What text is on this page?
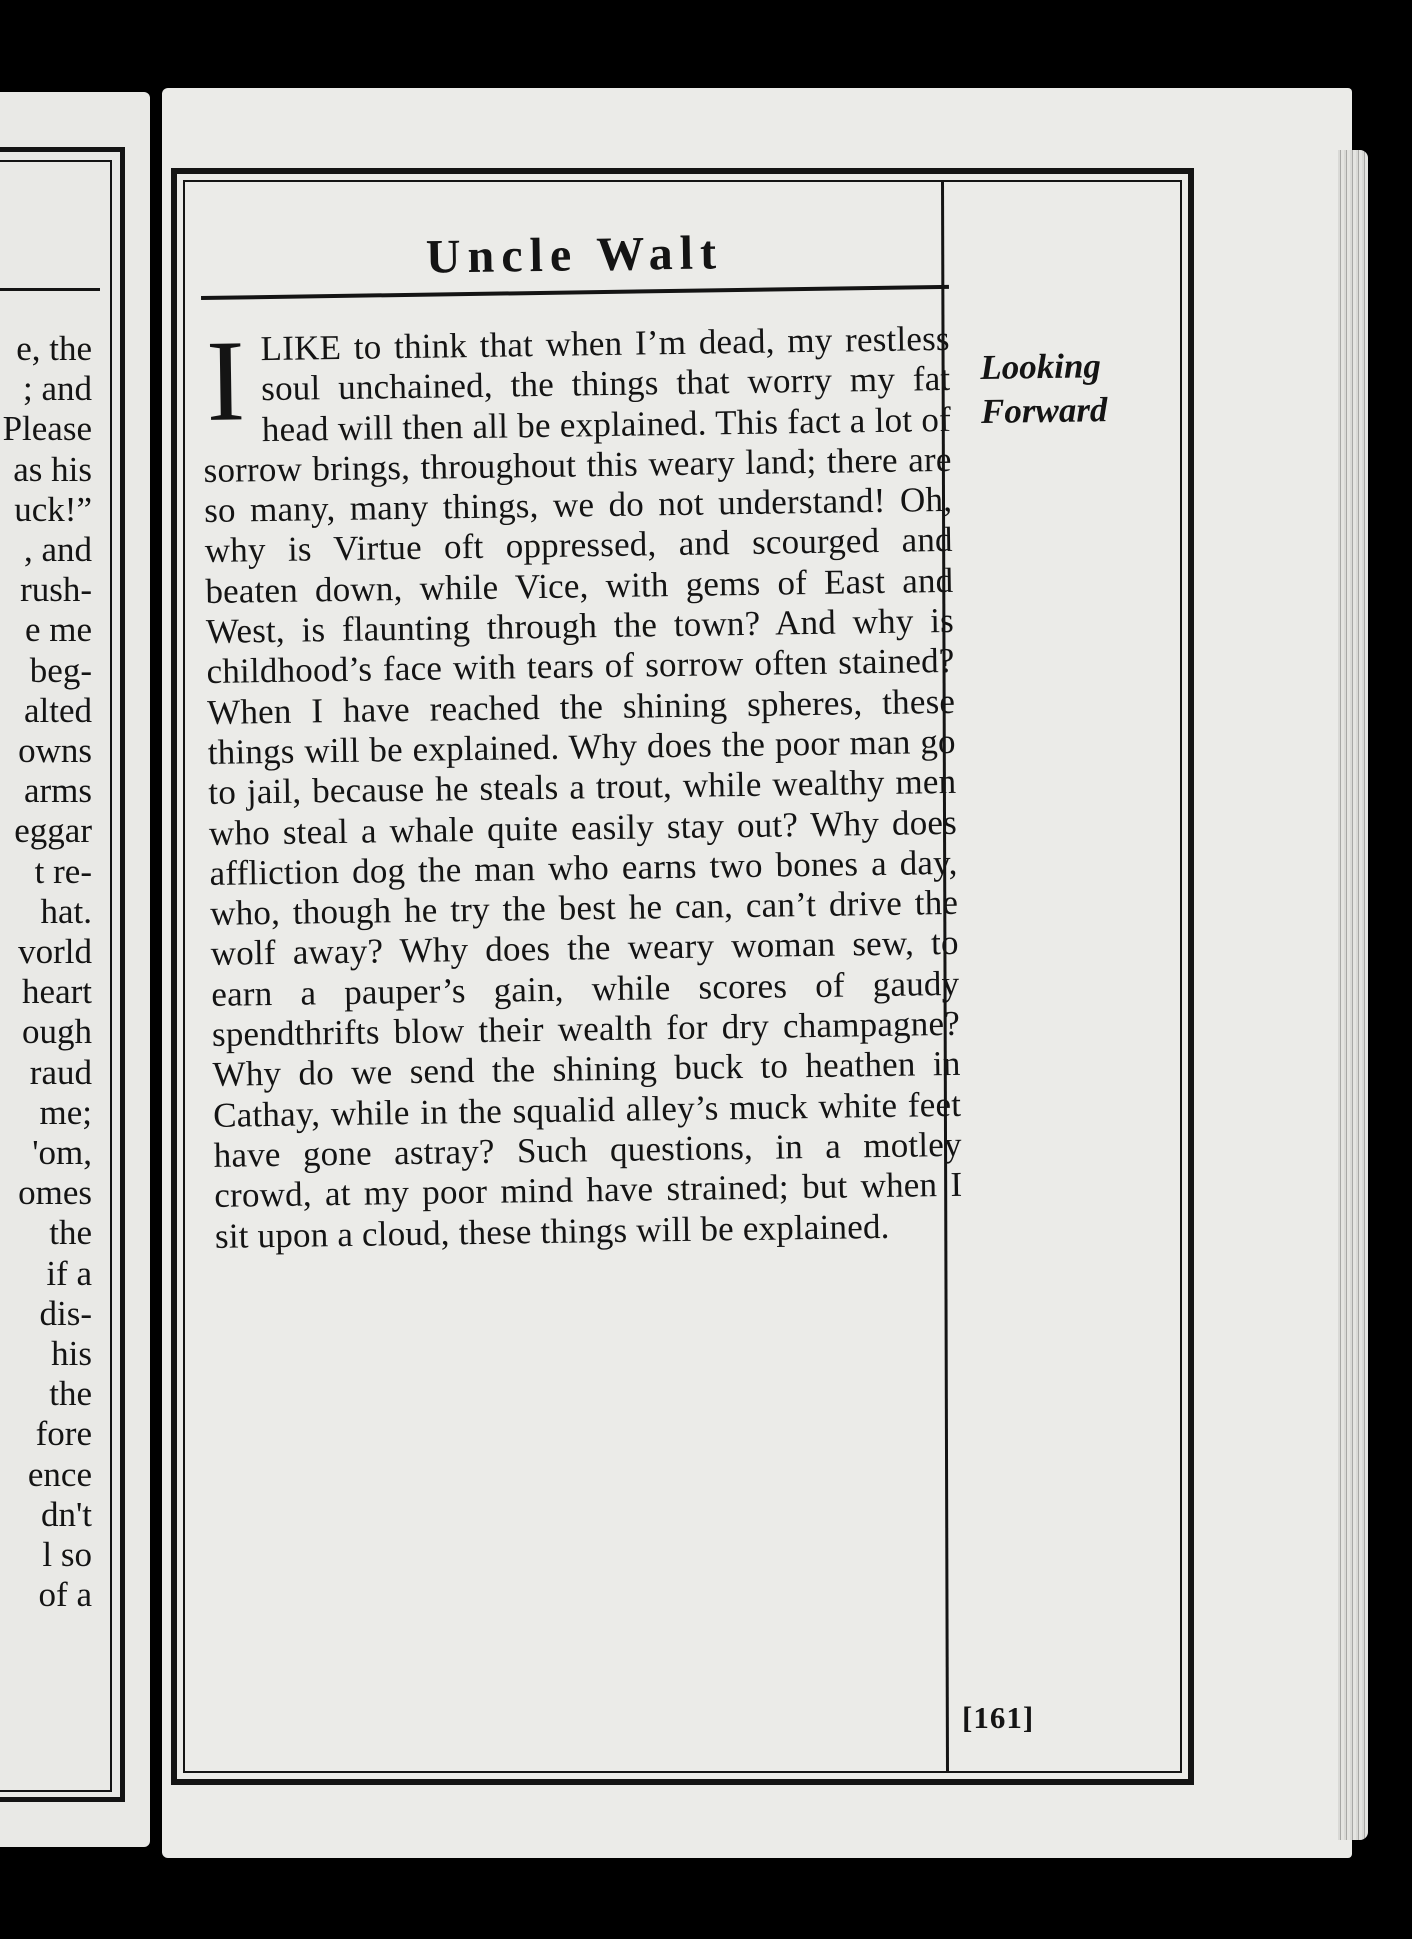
e, the
; and
Please
as his
uck!”
, and
rush-
e me
beg-
alted
owns
arms
eggar
t re-
hat.
vorld
heart
ough
raud
me;
'om,
omes
the
if a
dis-
his
the
fore
ence
dn't
l so
of a
Uncle Walt
I LIKE to think that when I’m dead, my restless soul unchained, the things that worry my fat head will then all be explained. This fact a lot of sorrow brings, throughout this weary land; there are so many, many things, we do not understand! Oh, why is Virtue oft oppressed, and scourged and beaten down, while Vice, with gems of East and West, is flaunting through the town? And why is childhood’s face with tears of sorrow often stained? When I have reached the shining spheres, these things will be explained. Why does the poor man go to jail, because he steals a trout, while wealthy men who steal a whale quite easily stay out? Why does affliction dog the man who earns two bones a day, who, though he try the best he can, can’t drive the wolf away? Why does the weary woman sew, to earn a pauper’s gain, while scores of gaudy spendthrifts blow their wealth for dry champagne? Why do we send the shining buck to heathen in Cathay, while in the squalid alley’s muck white feet have gone astray? Such questions, in a motley crowd, at my poor mind have strained; but when I sit upon a cloud, these things will be explained.
Looking
Forward

[161]
